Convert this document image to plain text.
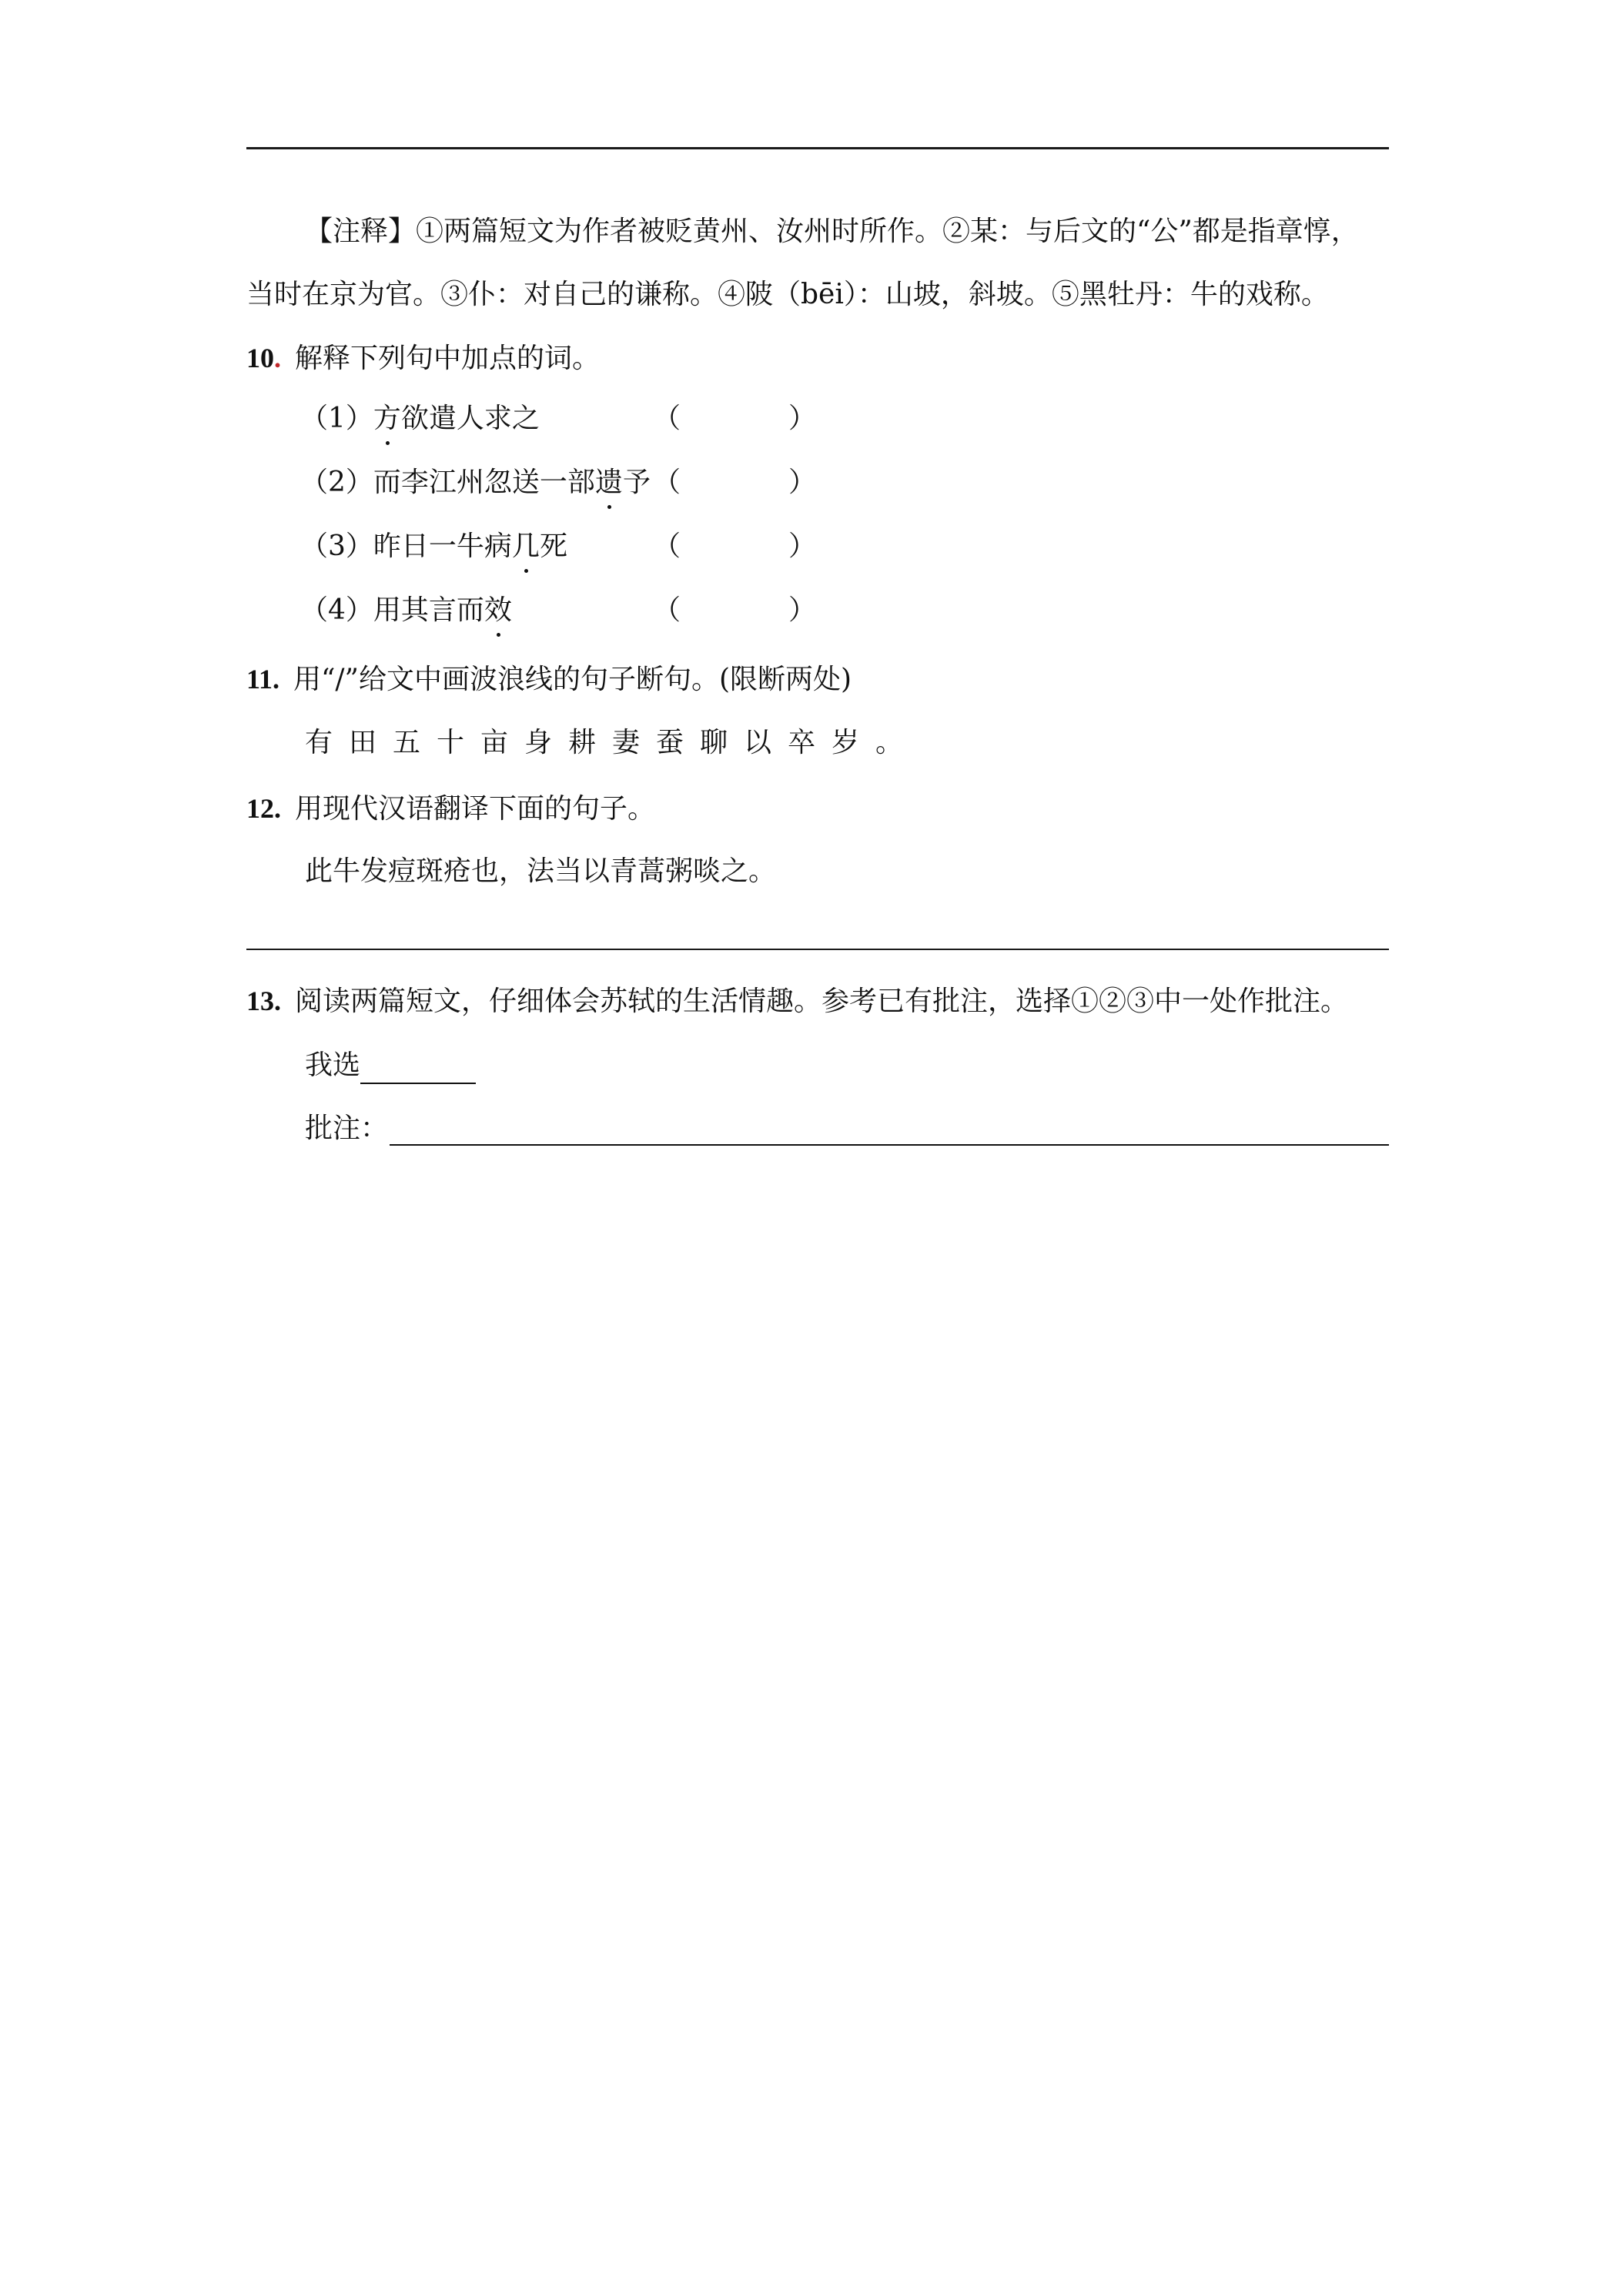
【注释】①两篇短文为作者被贬黄州、汝州时所作。②某：与后文的“公”都是指章惇，
当时在京为官。③仆：对自己的谦称。④陂（bēi）：山坡，斜坡。⑤黑牡丹：牛的戏称。
10. 解释下列句中加点的词。
（1）方欲遣人求之	（	）
（2）而李江州忽送一部遗予 （	）
（3）昨日一牛病几死	（	）
（4）用其言而效	（	）
11. 用“/”给文中画波浪线的句子断句。(限断两处)
有田五十亩身耕妻蚕聊以卒岁。
12. 用现代汉语翻译下面的句子。
此牛发痘斑疮也，法当以青蒿粥啖之。
13. 阅读两篇短文，仔细体会苏轼的生活情趣。参考已有批注，选择①②③中一处作批注。
我选
批注：
